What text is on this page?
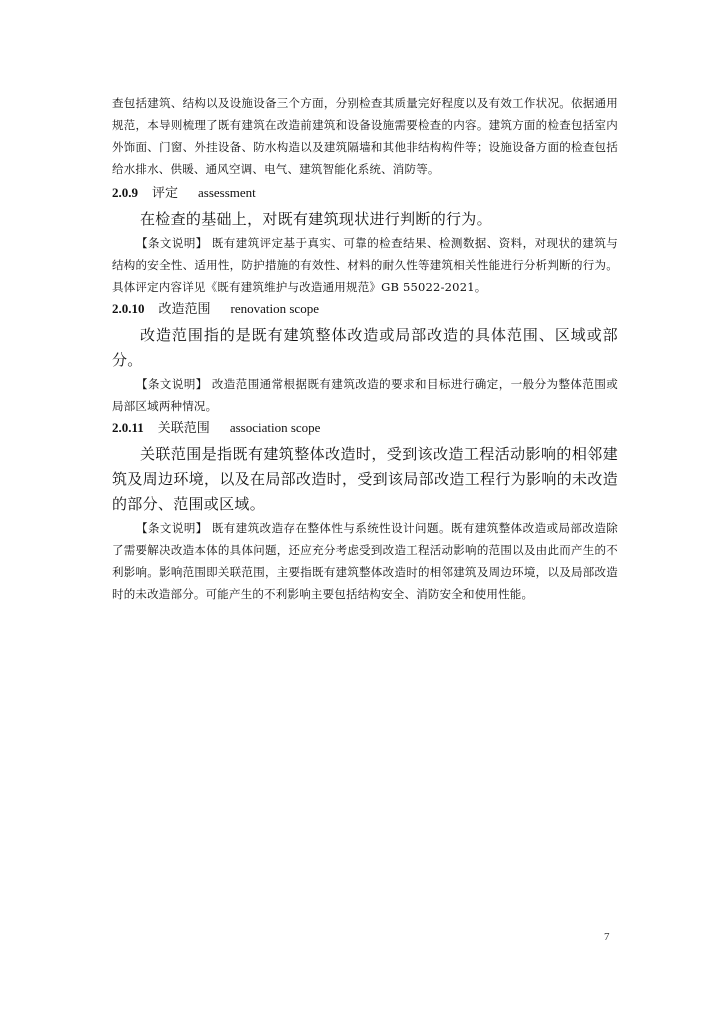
查包括建筑、结构以及设施设备三个方面，分别检查其质量完好程度以及有效工作状况。依据通用规范，本导则梳理了既有建筑在改造前建筑和设备设施需要检查的内容。建筑方面的检查包括室内外饰面、门窗、外挂设备、防水构造以及建筑隔墙和其他非结构构件等；设施设备方面的检查包括给水排水、供暖、通风空调、电气、建筑智能化系统、消防等。

2.0.9 评定 assessment

在检查的基础上，对既有建筑现状进行判断的行为。

【条文说明】 既有建筑评定基于真实、可靠的检查结果、检测数据、资料，对现状的建筑与结构的安全性、适用性，防护措施的有效性、材料的耐久性等建筑相关性能进行分析判断的行为。具体评定内容详见《既有建筑维护与改造通用规范》GB 55022-2021。

2.0.10 改造范围 renovation scope

改造范围指的是既有建筑整体改造或局部改造的具体范围、区域或部分。

【条文说明】 改造范围通常根据既有建筑改造的要求和目标进行确定，一般分为整体范围或局部区域两种情况。

2.0.11 关联范围 association scope

关联范围是指既有建筑整体改造时，受到该改造工程活动影响的相邻建筑及周边环境，以及在局部改造时，受到该局部改造工程行为影响的未改造的部分、范围或区域。

【条文说明】 既有建筑改造存在整体性与系统性设计问题。既有建筑整体改造或局部改造除了需要解决改造本体的具体问题，还应充分考虑受到改造工程活动影响的范围以及由此而产生的不利影响。影响范围即关联范围，主要指既有建筑整体改造时的相邻建筑及周边环境，以及局部改造时的未改造部分。可能产生的不利影响主要包括结构安全、消防安全和使用性能。

7
